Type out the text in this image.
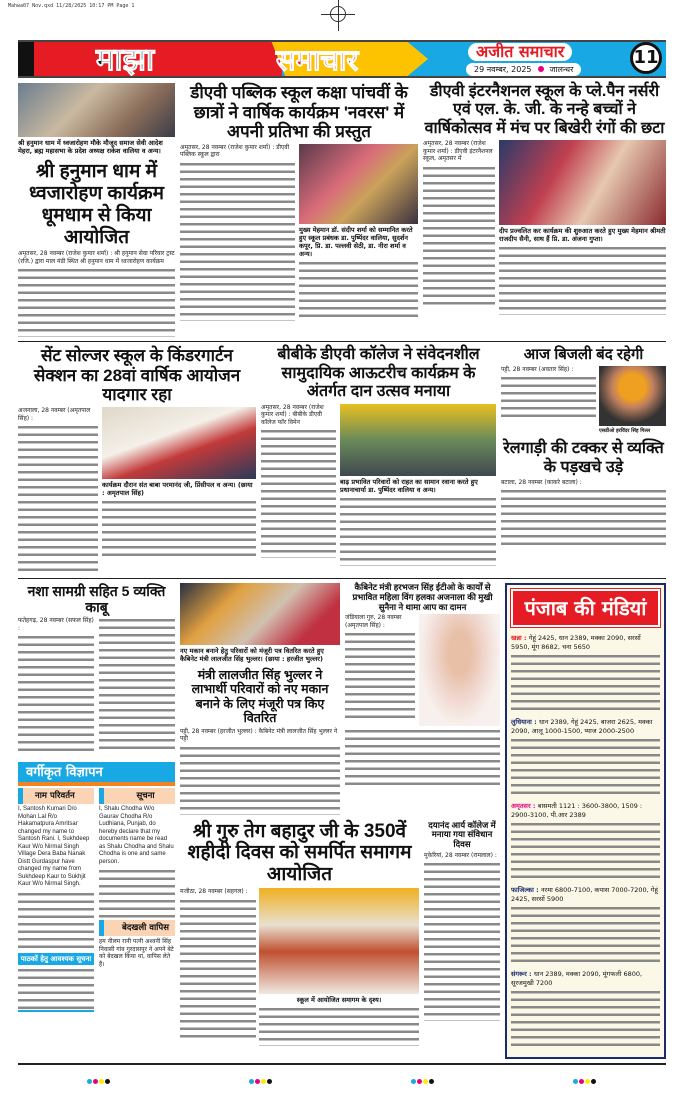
Mahwa07 Nov.qxd 11/28/2025 10:17 PM Page 1
माझा	समाचार	अजीत समाचार
29 नवम्बर, 2025 जालन्धर
11
श्री हनुमान धाम में ध्वजारोहण मौके मौजूद समाज सेवी आदेश मेहरा, ब्रह्म महासभा के प्रदेश अध्यक्ष राकेश वालिया व अन्य।
श्री हनुमान धाम में ध्वजारोहण कार्यक्रम धूमधाम से किया आयोजित
अमृतसर, 28 नवम्बर (राजेश कुमार शर्मा) : श्री हनुमान सेवा परिवार ट्रस्ट (रजि.) द्वारा माल मंडी स्थित श्री हनुमान धाम में ध्वजारोहण कार्यक्रम
डीएवी पब्लिक स्कूल कक्षा पांचवीं के छात्रों ने वार्षिक कार्यक्रम 'नवरस' में अपनी प्रतिभा की प्रस्तुत
अमृतसर, 28 नवम्बर (राजेश कुमार शर्मा) : डीएवी पब्लिक स्कूल द्वारा
मुख्य मेहमान डॉ. संदीप शर्मा को सम्मानित करते हुए स्कूल प्रबंधक डा. पुष्पिंदर वालिया, सुदर्शन कपूर, प्रि. डा. पल्लवी सेठी, डा. नीरा शर्मा व अन्य।
डीएवी इंटरनैशनल स्कूल के प्ले.पैन नर्सरी एवं एल. के. जी. के नन्हे बच्चों ने वार्षिकोत्सव में मंच पर बिखेरी रंगों की छटा
अमृतसर, 28 नवम्बर (राजेश कुमार शर्मा) : डीएवी इंटरनैशनल स्कूल, अमृतसर में
दीप प्रज्वलित कर कार्यक्रम की शुरुआत करते हुए मुख्य मेहमान श्रीमती राजदीप सैनी, साथ हैं प्रि. डा. अंजना गुप्ता।
सेंट सोल्जर स्कूल के किंडरगार्टन सेक्शन का 28वां वार्षिक आयोजन यादगार रहा
अजनाला, 28 नवम्बर (अमृतपाल सिंह) :
कार्यक्रम दौरान संत बाबा परमानंद जी, प्रिंसीपल व अन्य। (छाया : अमृतपाल सिंह)
बीबीके डीएवी कॉलेज ने संवेदनशील सामुदायिक आऊटरीच कार्यक्रम के अंतर्गत दान उत्सव मनाया
अमृतसर, 28 नवम्बर (राजेश कुमार शर्मा) : बीबीके डीएवी कॉलेज फॉर विमेन
बाढ़ प्रभावित परिवारों को राहत का सामान रवाना करते हुए प्रधानाचार्या डा. पुष्पिंदर वालिया व अन्य।
आज बिजली बंद रहेगी
पट्टी, 28 नवम्बर (अवतार सिंह) :
एसडीओ हरविंदर सिंह गिल्ल
रेलगाड़ी की टक्कर से व्यक्ति के पड़खचे उड़े
बटाला, 28 नवम्बर (काकरे बटाला) :
नशा सामग्री सहित 5 व्यक्ति काबू
फतेहगढ़, 28 नवम्बर (सफल सिंह) :
वर्गीकृत विज्ञापन
नाम परिवर्तन
I, Santosh Kumari D/o Mohan Lal R/o Hakamatpura Amritsar changed my name to Santosh Rani. I, Sukhdeep Kaur W/o Nirmal Singh Village Dera Baba Nanak Distt Gurdaspur have changed my name from Sukhdeep Kaur to Sukhjit Kaur W/o Nirmal Singh.
पाठकों हेतु आवश्यक सूचना
सूचना
I, Shalu Chodha W/o Gaurav Chodha R/o Ludhiana, Punjab, do hereby declare that my documents name be read as Shalu Chodha and Shalu Chodha is one and same person.
बेदखली वापिस
हम नीलम रानी पत्नी अश्वनी सिंह निवासी गांव गुरदासपुर ने अपने बेटे को बेदखल किया था, वापिस लेते हैं।
नए मकान बनाने हेतु परिवारों को मंजूरी पत्र वितरित करते हुए कैबिनेट मंत्री लालजीत सिंह भुल्लर। (छाया : हरजीत भुल्लर)
मंत्री लालजीत सिंह भुल्लर ने लाभार्थी परिवारों को नए मकान बनाने के लिए मंजूरी पत्र किए वितरित
पट्टी, 28 नवम्बर (हरजीत भुल्लर) : कैबिनेट मंत्री लालजीत सिंह भुल्लर ने पट्टी
कैबिनेट मंत्री हरभजन सिंह ईटीओ के कार्यों से प्रभावित महिला विंग हलका अजनाला की मुखी सुनैना ने थामा आप का दामन
जंडियाला गुरु, 28 नवम्बर (अमृतपाल सिंह) :
श्री गुरु तेग बहादुर जी के 350वें शहीदी दिवस को समर्पित समागम आयोजित
मजीठा, 28 नवम्बर (सहगल) :
स्कूल में आयोजित समागम के दृश्य।
दयानंद आर्य कॉलेज में मनाया गया संविधान दिवस
मुकेरियां, 28 नवम्बर (रामलाल) :
पंजाब की मंडियां
खन्ना : गेहूं 2425, धान 2389, मक्का 2090, सरसों 5950, मूंग 8682, चना 5650
लुधियाना : धान 2389, गेहूं 2425, बाजरा 2625, मक्का 2090, आलू 1000-1500, प्याज 2000-2500
अमृतसर : बासमती 1121 : 3600-3800, 1509 : 2900-3100, पी.आर 2389
फाजिल्का : नरमा 6800-7100, कपास 7000-7200, गेहूं 2425, सरसों 5900
संगरूर : धान 2389, मक्का 2090, मूंगफली 6800, सूरजमुखी 7200
